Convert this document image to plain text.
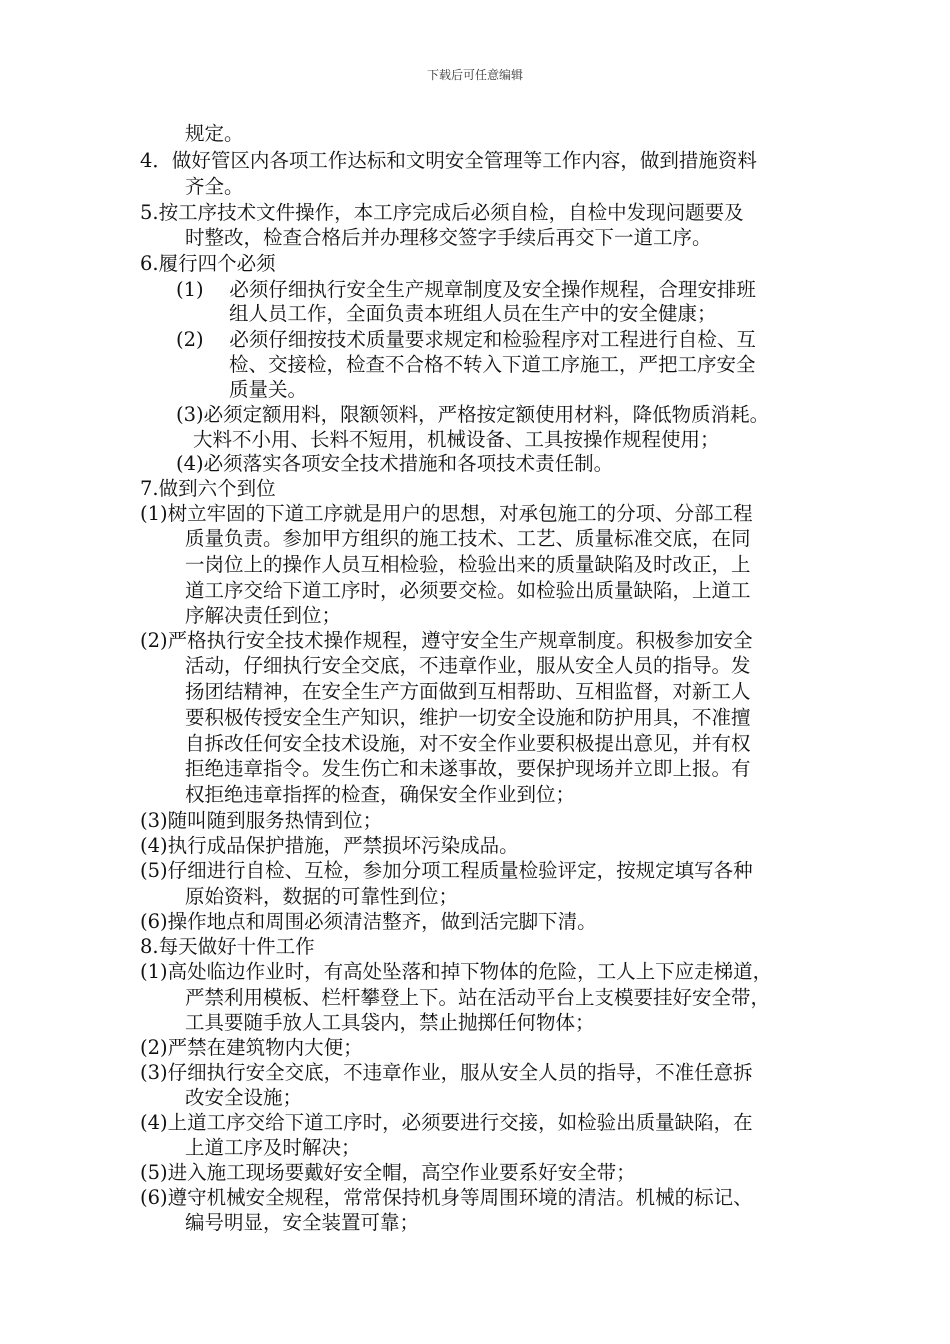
下载后可任意编辑
规定。
4．做好管区内各项工作达标和文明安全管理等工作内容，做到措施资料
齐全。
5.按工序技术文件操作，本工序完成后必须自检，自检中发现问题要及
时整改，检查合格后并办理移交签字手续后再交下一道工序。
6.履行四个必须
(1)　 必须仔细执行安全生产规章制度及安全操作规程，合理安排班
组人员工作，全面负责本班组人员在生产中的安全健康；
(2)　 必须仔细按技术质量要求规定和检验程序对工程进行自检、互
检、交接检，检查不合格不转入下道工序施工，严把工序安全
质量关。
(3)必须定额用料，限额领料，严格按定额使用材料，降低物质消耗。
大料不小用、长料不短用，机械设备、工具按操作规程使用；
(4)必须落实各项安全技术措施和各项技术责任制。
7.做到六个到位
(1)树立牢固的下道工序就是用户的思想，对承包施工的分项、分部工程
质量负责。参加甲方组织的施工技术、工艺、质量标准交底，在同
一岗位上的操作人员互相检验，检验出来的质量缺陷及时改正，上
道工序交给下道工序时，必须要交检。如检验出质量缺陷，上道工
序解决责任到位；
(2)严格执行安全技术操作规程，遵守安全生产规章制度。积极参加安全
活动，仔细执行安全交底，不违章作业，服从安全人员的指导。发
扬团结精神，在安全生产方面做到互相帮助、互相监督，对新工人
要积极传授安全生产知识，维护一切安全设施和防护用具，不准擅
自拆改任何安全技术设施，对不安全作业要积极提出意见，并有权
拒绝违章指令。发生伤亡和未遂事故，要保护现场并立即上报。有
权拒绝违章指挥的检查，确保安全作业到位；
(3)随叫随到服务热情到位；
(4)执行成品保护措施，严禁损坏污染成品。
(5)仔细进行自检、互检，参加分项工程质量检验评定，按规定填写各种
原始资料，数据的可靠性到位；
(6)操作地点和周围必须清洁整齐，做到活完脚下清。
8.每天做好十件工作
(1)高处临边作业时，有高处坠落和掉下物体的危险，工人上下应走梯道，
严禁利用模板、栏杆攀登上下。站在活动平台上支模要挂好安全带，
工具要随手放人工具袋内，禁止抛掷任何物体；
(2)严禁在建筑物内大便；
(3)仔细执行安全交底，不违章作业，服从安全人员的指导，不准任意拆
改安全设施；
(4)上道工序交给下道工序时，必须要进行交接，如检验出质量缺陷，在
上道工序及时解决；
(5)进入施工现场要戴好安全帽，高空作业要系好安全带；
(6)遵守机械安全规程，常常保持机身等周围环境的清洁。机械的标记、
编号明显，安全装置可靠；
